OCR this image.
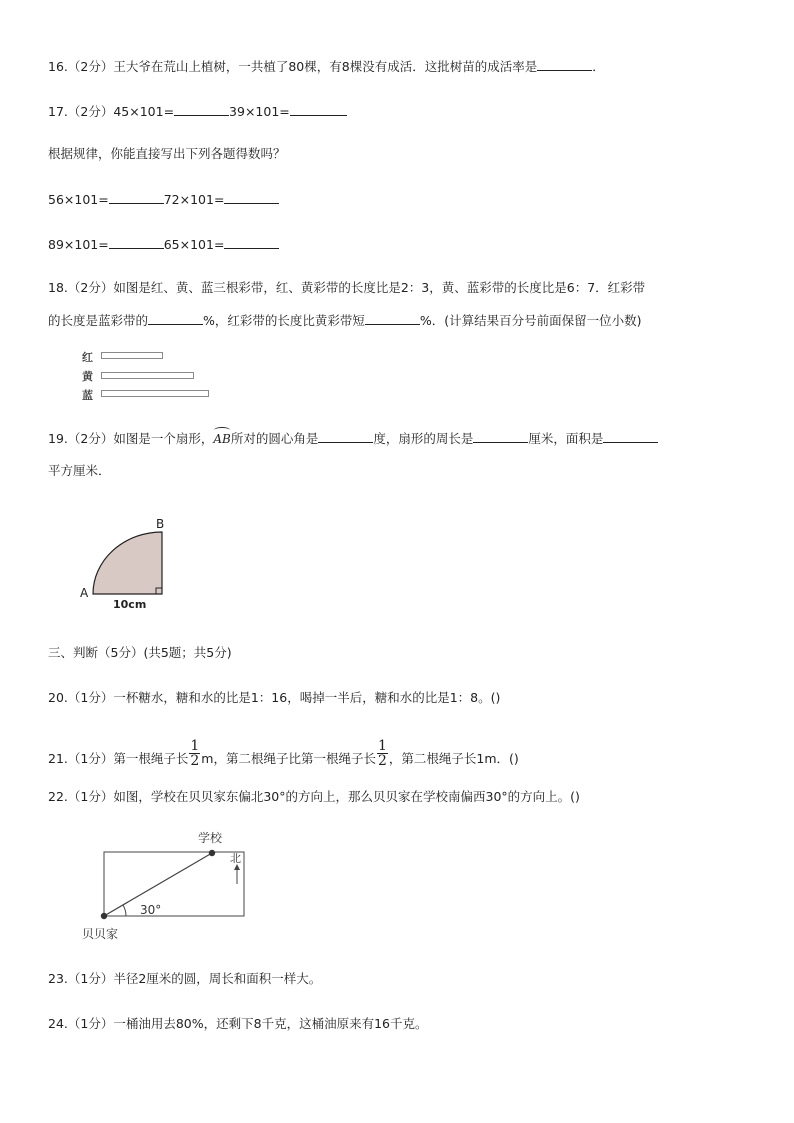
16.（2分）王大爷在荒山上植树，一共植了80棵，有8棵没有成活．这批树苗的成活率是	．
17.（2分）45×101=	39×101=
根据规律，你能直接写出下列各题得数吗？
56×101=	72×101=
89×101=	65×101=
18.（2分）如图是红、黄、蓝三根彩带，红、黄彩带的长度比是2：3，黄、蓝彩带的长度比是6：7．红彩带
的长度是蓝彩带的	%，红彩带的长度比黄彩带短	%．(计算结果百分号前面保留一位小数)
红
黄
蓝
19.（2分）如图是一个扇形，AB所对的圆心角是	度，扇形的周长是	厘米，面积是
平方厘米．
A
B
10cm
三、判断（5分）(共5题；共5分)
20.（1分）一杯糖水，糖和水的比是1：16，喝掉一半后，糖和水的比是1：8。()
21.（1分）第一根绳子长 $\frac{1}{2}$ m，第二根绳子比第一根绳子长 $\frac{1}{2}$ ，第二根绳子长1m．()
22.（1分）如图，学校在贝贝家东偏北30°的方向上，那么贝贝家在学校南偏西30°的方向上。()
北
学校
贝贝家
30°
23.（1分）半径2厘米的圆，周长和面积一样大。
24.（1分）一桶油用去80%，还剩下8千克，这桶油原来有16千克。
